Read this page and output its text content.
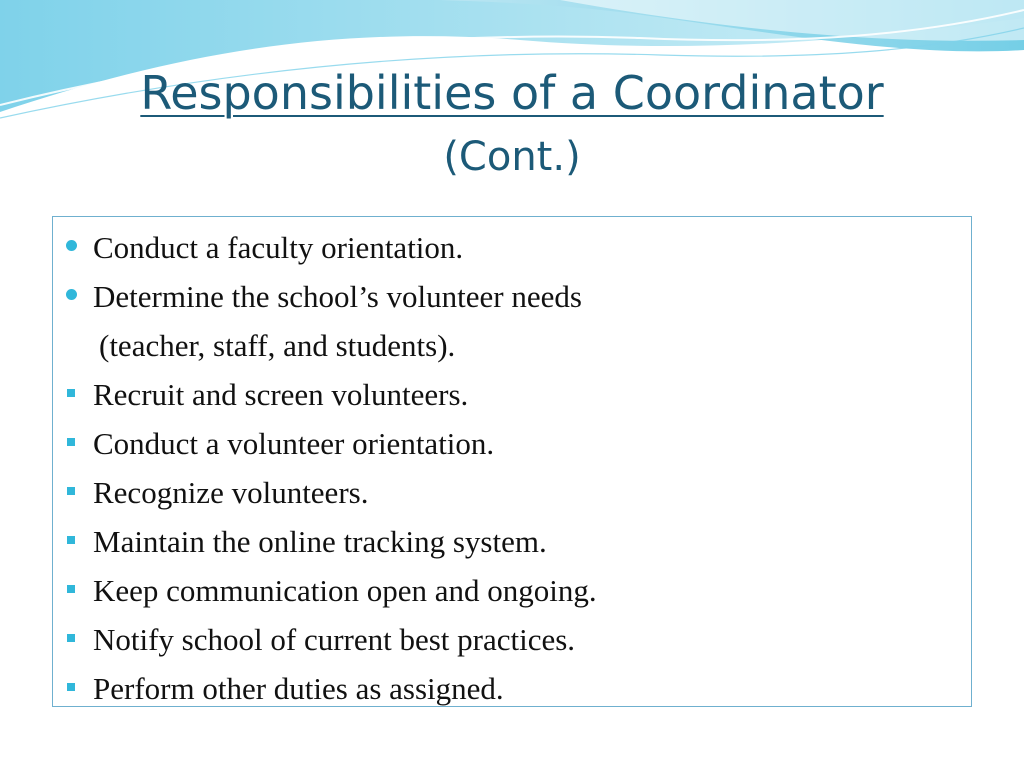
Responsibilities of a Coordinator
(Cont.)
Conduct a faculty orientation.
Determine the school’s volunteer needs
(teacher, staff, and students).
Recruit and screen volunteers.
Conduct a volunteer orientation.
Recognize volunteers.
Maintain the online tracking system.
Keep communication open and ongoing.
Notify school of current best practices.
Perform other duties as assigned.
